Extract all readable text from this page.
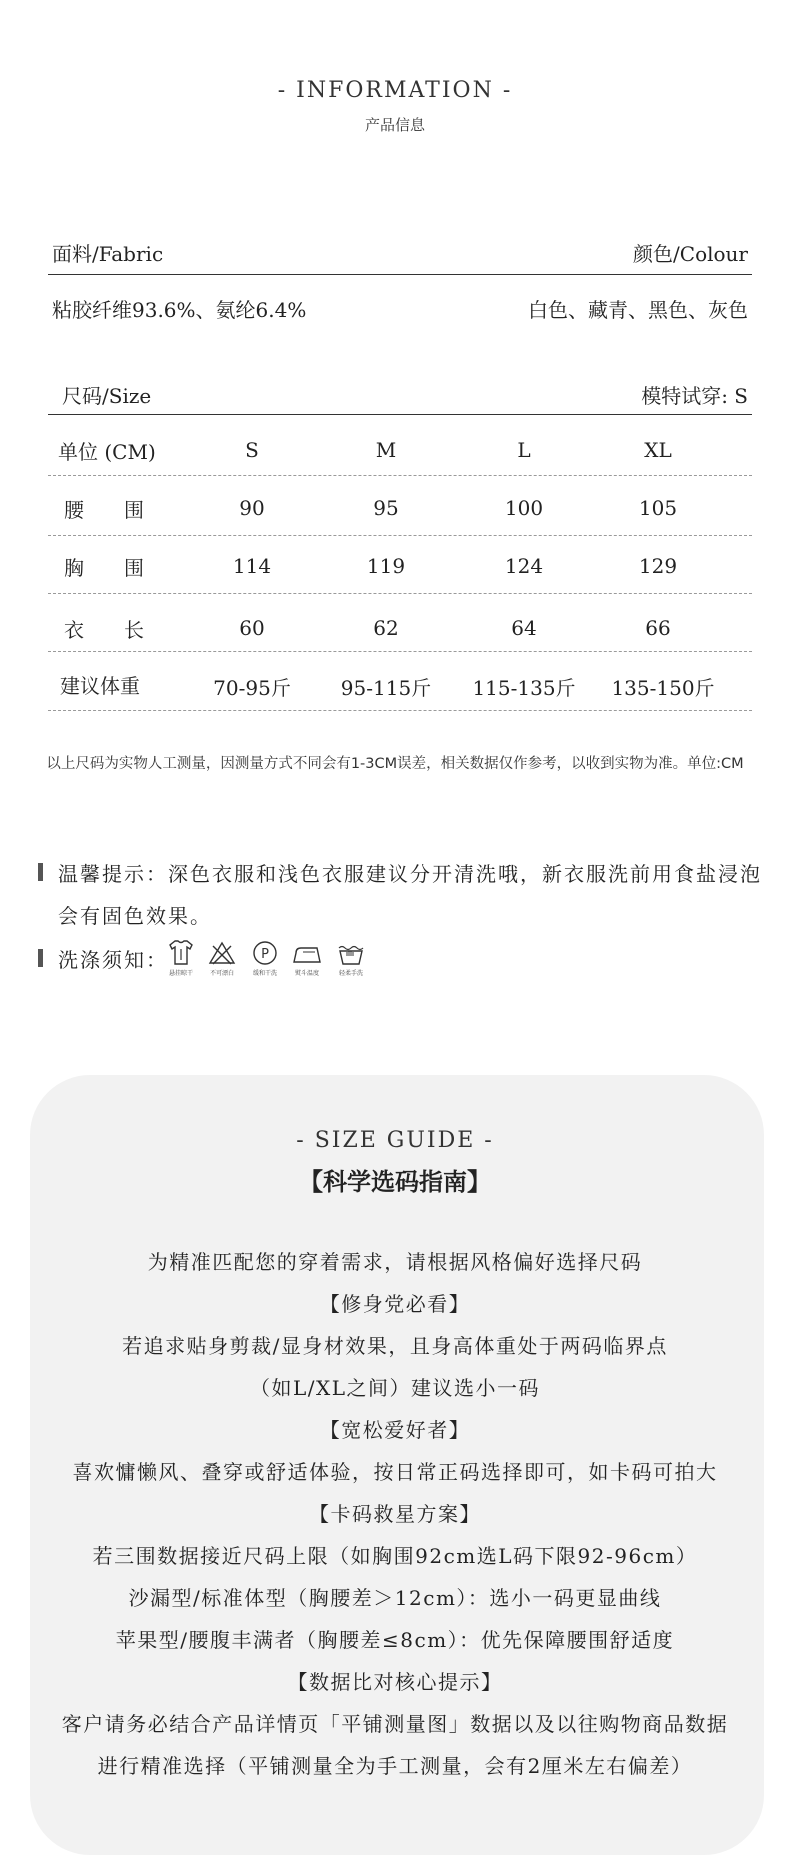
- INFORMATION -
产品信息
面料/Fabric	颜色/Colour
粘胶纤维93.6%、氨纶6.4%	白色、藏青、黑色、灰色
尺码/Size	模特试穿: S
单位 (CM)	S	M	L	XL
腰　　围	90	95	100	105
胸　　围	114	119	124	129
衣　　长	60	62	64	66
建议体重	70-95斤	95-115斤	115-135斤	135-150斤
以上尺码为实物人工测量，因测量方式不同会有1-3CM误差，相关数据仅作参考，以收到实物为准。单位:CM
温馨提示：深色衣服和浅色衣服建议分开清洗哦，新衣服洗前用食盐浸泡
会有固色效果。
洗涤须知：
悬挂晾干	不可漂白
P
缓和干洗	熨斗温度	轻柔手洗
- SIZE GUIDE -
【科学选码指南】
为精准匹配您的穿着需求，请根据风格偏好选择尺码
【修身党必看】
若追求贴身剪裁/显身材效果，且身高体重处于两码临界点
（如L/XL之间）建议选小一码
【宽松爱好者】
喜欢慵懒风、叠穿或舒适体验，按日常正码选择即可，如卡码可拍大
【卡码救星方案】
若三围数据接近尺码上限（如胸围92cm选L码下限92-96cm）
沙漏型/标准体型（胸腰差＞12cm）：选小一码更显曲线
苹果型/腰腹丰满者（胸腰差≤8cm）：优先保障腰围舒适度
【数据比对核心提示】
客户请务必结合产品详情页「平铺测量图」数据以及以往购物商品数据
进行精准选择（平铺测量全为手工测量，会有2厘米左右偏差）
